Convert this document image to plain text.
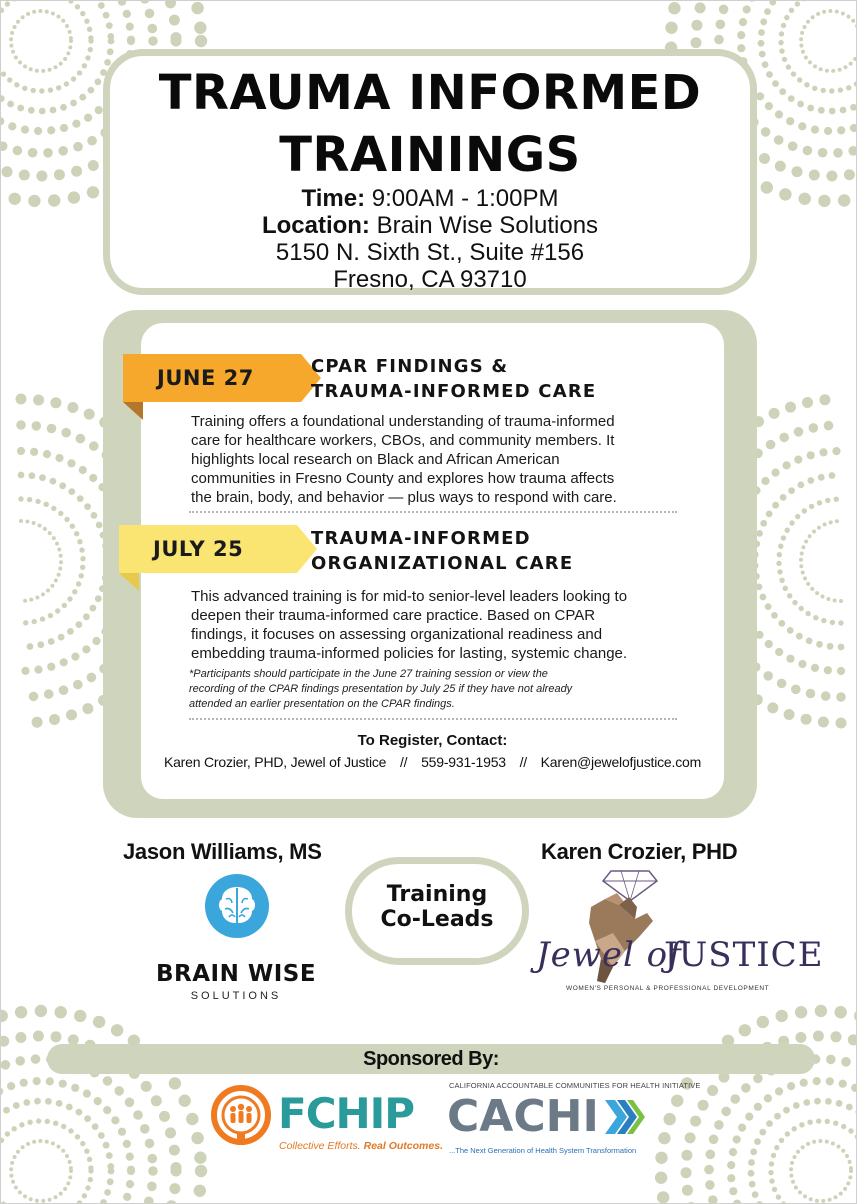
TRAUMA INFORMED
TRAININGS
Time: 9:00AM - 1:00PM
Location: Brain Wise Solutions
5150 N. Sixth St., Suite #156
Fresno, CA 93710
JUNE 27	CPAR FINDINGS &
TRAUMA-INFORMED CARE
Training offers a foundational understanding of trauma-informed
care for healthcare workers, CBOs, and community members. It
highlights local research on Black and African American
communities in Fresno County and explores how trauma affects
the brain, body, and behavior — plus ways to respond with care.
JULY 25	TRAUMA-INFORMED
ORGANIZATIONAL CARE
This advanced training is for mid-to senior-level leaders looking to
deepen their trauma-informed care practice. Based on CPAR
findings, it focuses on assessing organizational readiness and
embedding trauma-informed policies for lasting, systemic change.
*Participants should participate in the June 27 training session or view the
recording of the CPAR findings presentation by July 25 if they have not already
attended an earlier presentation on the CPAR findings.
To Register, Contact:
Karen Crozier, PHD, Jewel of Justice // 559-931-1953 // Karen@jewelofjustice.com
Jason Williams, MS
BRAIN WISE
SOLUTIONS
Training
Co-Leads
Karen Crozier, PHD
Jewel of
JUSTICE
WOMEN'S PERSONAL & PROFESSIONAL DEVELOPMENT
Sponsored By:
FCHIP
Collective Efforts. Real Outcomes.
CALIFORNIA ACCOUNTABLE COMMUNITIES FOR HEALTH INITIATIVE
CACHI
...The Next Generation of Health System Transformation
